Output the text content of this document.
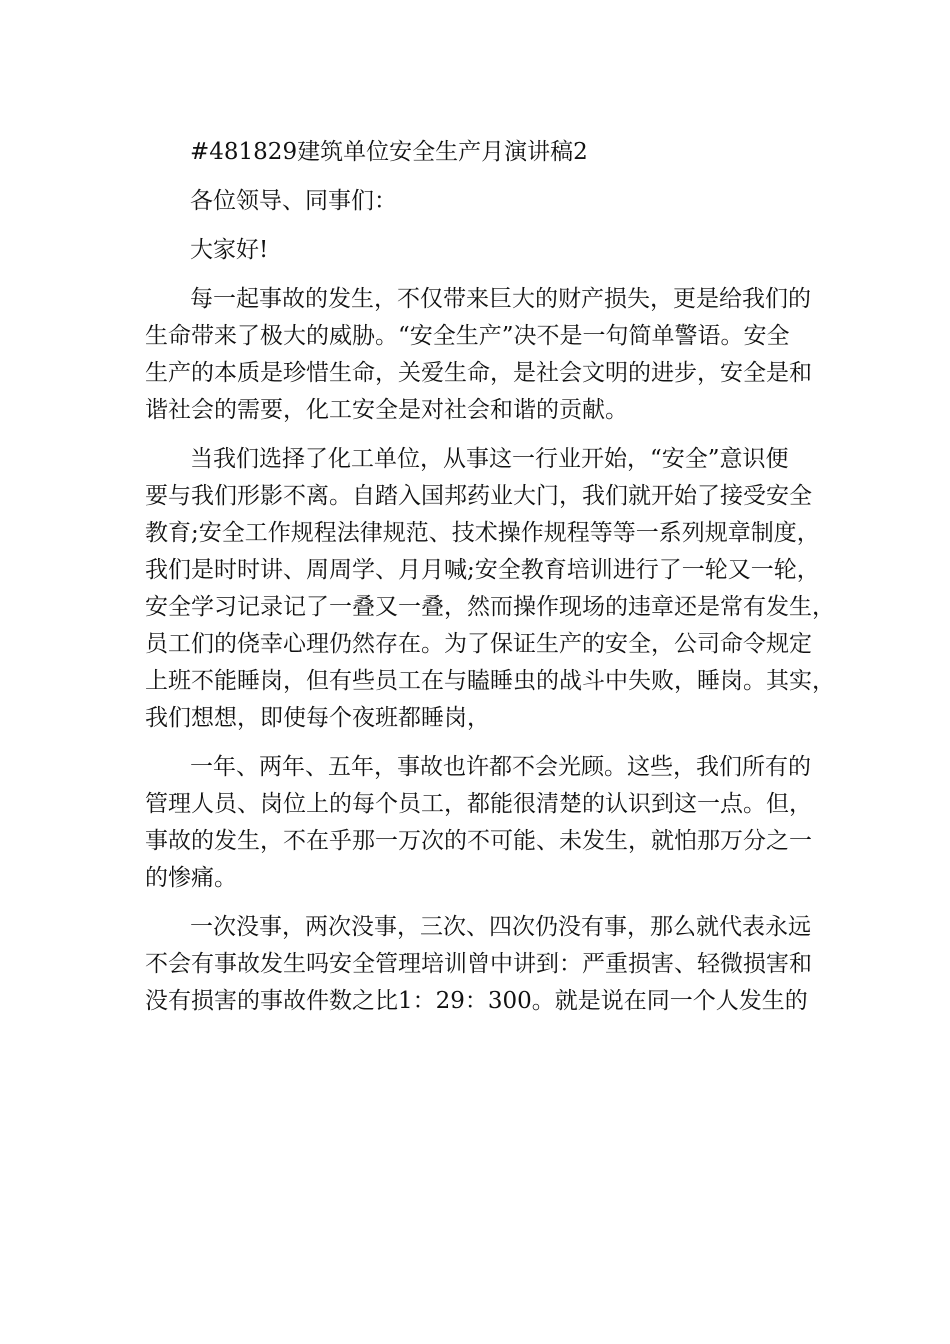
#481829建筑单位安全生产月演讲稿2
各位领导、同事们：
大家好!
每一起事故的发生，不仅带来巨大的财产损失，更是给我们的
生命带来了极大的威胁。“安全生产”决不是一句简单警语。安全
生产的本质是珍惜生命，关爱生命，是社会文明的进步，安全是和
谐社会的需要，化工安全是对社会和谐的贡献。
当我们选择了化工单位，从事这一行业开始，“安全”意识便
要与我们形影不离。自踏入国邦药业大门，我们就开始了接受安全
教育;安全工作规程法律规范、技术操作规程等等一系列规章制度，
我们是时时讲、周周学、月月喊;安全教育培训进行了一轮又一轮，
安全学习记录记了一叠又一叠，然而操作现场的违章还是常有发生，
员工们的侥幸心理仍然存在。为了保证生产的安全，公司命令规定
上班不能睡岗，但有些员工在与瞌睡虫的战斗中失败，睡岗。其实，
我们想想，即使每个夜班都睡岗，
一年、两年、五年，事故也许都不会光顾。这些，我们所有的
管理人员、岗位上的每个员工，都能很清楚的认识到这一点。但，
事故的发生，不在乎那一万次的不可能、未发生，就怕那万分之一
的惨痛。
一次没事，两次没事，三次、四次仍没有事，那么就代表永远
不会有事故发生吗安全管理培训曾中讲到：严重损害、轻微损害和
没有损害的事故件数之比1：29：300。就是说在同一个人发生的
